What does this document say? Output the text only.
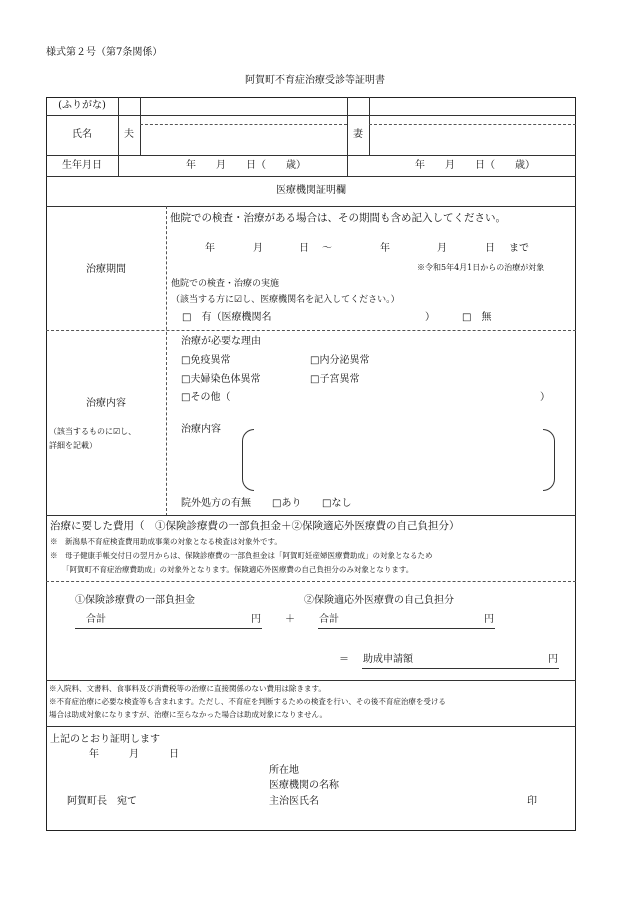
様式第２号（第7条関係）
阿賀町不育症治療受診等証明書
(ふりがな)
氏名	夫	妻
生年月日	年　　月　　日（　　歳）	年　　月　　日（　　歳）
医療機関証明欄
治療期間
他院での検査・治療がある場合は、その期間も含め記入してください。
年	月	日 〜	年	月	日 まで
※令和5年4月1日からの治療が対象
他院での検査・治療の実施
（該当する方に☑し、医療機関名を記入してください。）
□　有（医療機関名	）	□　無
治療内容
（該当するものに☑し、
詳細を記載）
治療が必要な理由
□免疫異常	□内分泌異常
□夫婦染色体異常	□子宮異常
□その他（	）
治療内容
院外処方の有無 □あり □なし
治療に要した費用（　①保険診療費の一部負担金＋②保険適応外医療費の自己負担分）
※　新潟県不育症検査費用助成事業の対象となる検査は対象外です。
※　母子健康手帳交付日の翌月からは、保険診療費の一部負担金は「阿賀町妊産婦医療費助成」の対象となるため
「阿賀町不育症治療費助成」の対象外となります。保険適応外医療費の自己負担分のみ対象となります。
①保険診療費の一部負担金	②保険適応外医療費の自己負担分
合計	円 ＋ 合計	円
＝ 助成申請額	円
※入院料、文書料、食事料及び消費税等の治療に直接関係のない費用は除きます。
※不育症治療に必要な検査等も含まれます。ただし、不育症を判断するための検査を行い、その後不育症治療を受ける
場合は助成対象になりますが、治療に至らなかった場合は助成対象になりません。
上記のとおり証明します
年　　　月　　　日
所在地
医療機関の名称
主治医氏名
阿賀町長　宛て	印
